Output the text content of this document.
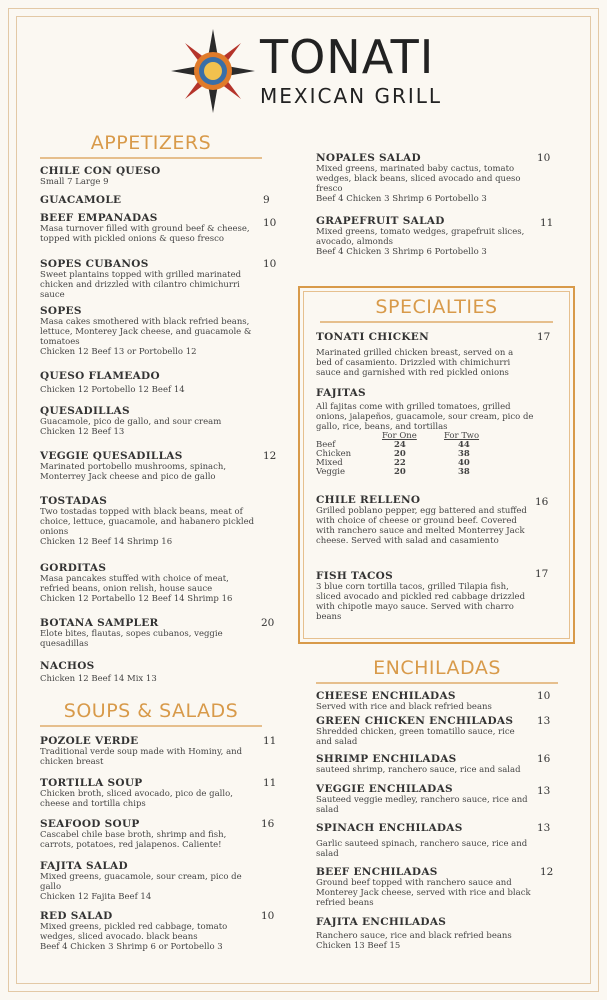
TONATI
MEXICAN GRILL
APPETIZERS
CHILE CON QUESO
Small 7 Large 9
GUACAMOLE	9
BEEF EMPANADAS
Masa turnover filled with ground beef & cheese, topped with pickled onions & queso fresco
10
SOPES CUBANOS
Sweet plantains topped with grilled marinated chicken and drizzled with cilantro chimichurri sauce
10
SOPES
Masa cakes smothered with black refried beans, lettuce, Monterey Jack cheese, and guacamole & tomatoes
Chicken 12 Beef 13 or Portobello 12
QUESO FLAMEADO
Chicken 12 Portobello 12 Beef 14
QUESADILLAS
Guacamole, pico de gallo, and sour cream
Chicken 12 Beef 13
VEGGIE QUESADILLAS
Marinated portobello mushrooms, spinach, Monterrey Jack cheese and pico de gallo
12
TOSTADAS
Two tostadas topped with black beans, meat of choice, lettuce, guacamole, and habanero pickled onions
Chicken 12 Beef 14 Shrimp 16
GORDITAS
Masa pancakes stuffed with choice of meat, refried beans, onion relish, house sauce
Chicken 12 Portabello 12 Beef 14 Shrimp 16
BOTANA SAMPLER
Elote bites, flautas, sopes cubanos, veggie quesadillas
20
NACHOS
Chicken 12 Beef 14 Mix 13
SOUPS & SALADS
POZOLE VERDE
Traditional verde soup made with Hominy, and chicken breast
11
TORTILLA SOUP
Chicken broth, sliced avocado, pico de gallo, cheese and tortilla chips
11
SEAFOOD SOUP
Cascabel chile base broth, shrimp and fish, carrots, potatoes, red jalapenos. Caliente!
16
FAJITA SALAD
Mixed greens, guacamole, sour cream, pico de gallo
Chicken 12 Fajita Beef 14
RED SALAD
Mixed greens, pickled red cabbage, tomato wedges, sliced avocado. black beans
Beef 4 Chicken 3 Shrimp 6 or Portobello 3
10
NOPALES SALAD
Mixed greens, marinated baby cactus, tomato wedges, black beans, sliced avocado and queso fresco
Beef 4 Chicken 3 Shrimp 6 Portobello 3
10
GRAPEFRUIT SALAD
Mixed greens, tomato wedges, grapefruit slices, avocado, almonds
Beef 4 Chicken 3 Shrimp 6 Portobello 3
11
SPECIALTIES
TONATI CHICKEN
Marinated grilled chicken breast, served on a bed of casamiento. Drizzled with chimichurri sauce and garnished with red pickled onions
17
FAJITAS
All fajitas come with grilled tomatoes, grilled onions, jalapeños, guacamole, sour cream, pico de gallo, rice, beans, and tortillas
	For One	For Two
Beef	24	44
Chicken	20	38
Mixed	22	40
Veggie	20	38
CHILE RELLENO
Grilled poblano pepper, egg battered and stuffed with choice of cheese or ground beef. Covered with ranchero sauce and melted Monterrey Jack cheese. Served with salad and casamiento
16
FISH TACOS
3 blue corn tortilla tacos, grilled Tilapia fish, sliced avocado and pickled red cabbage drizzled with chipotle mayo sauce. Served with charro beans
17
ENCHILADAS
CHEESE ENCHILADAS
Served with rice and black refried beans
10
GREEN CHICKEN ENCHILADAS
Shredded chicken, green tomatillo sauce, rice and salad
13
SHRIMP ENCHILADAS
sauteed shrimp, ranchero sauce, rice and salad
16
VEGGIE ENCHILADAS
Sauteed veggie medley, ranchero sauce, rice and salad
13
SPINACH ENCHILADAS
Garlic sauteed spinach, ranchero sauce, rice and salad
13
BEEF ENCHILADAS
Ground beef topped with ranchero sauce and Monterey Jack cheese, served with rice and black refried beans
12
FAJITA ENCHILADAS
Ranchero sauce, rice and black refried beans
Chicken 13 Beef 15
